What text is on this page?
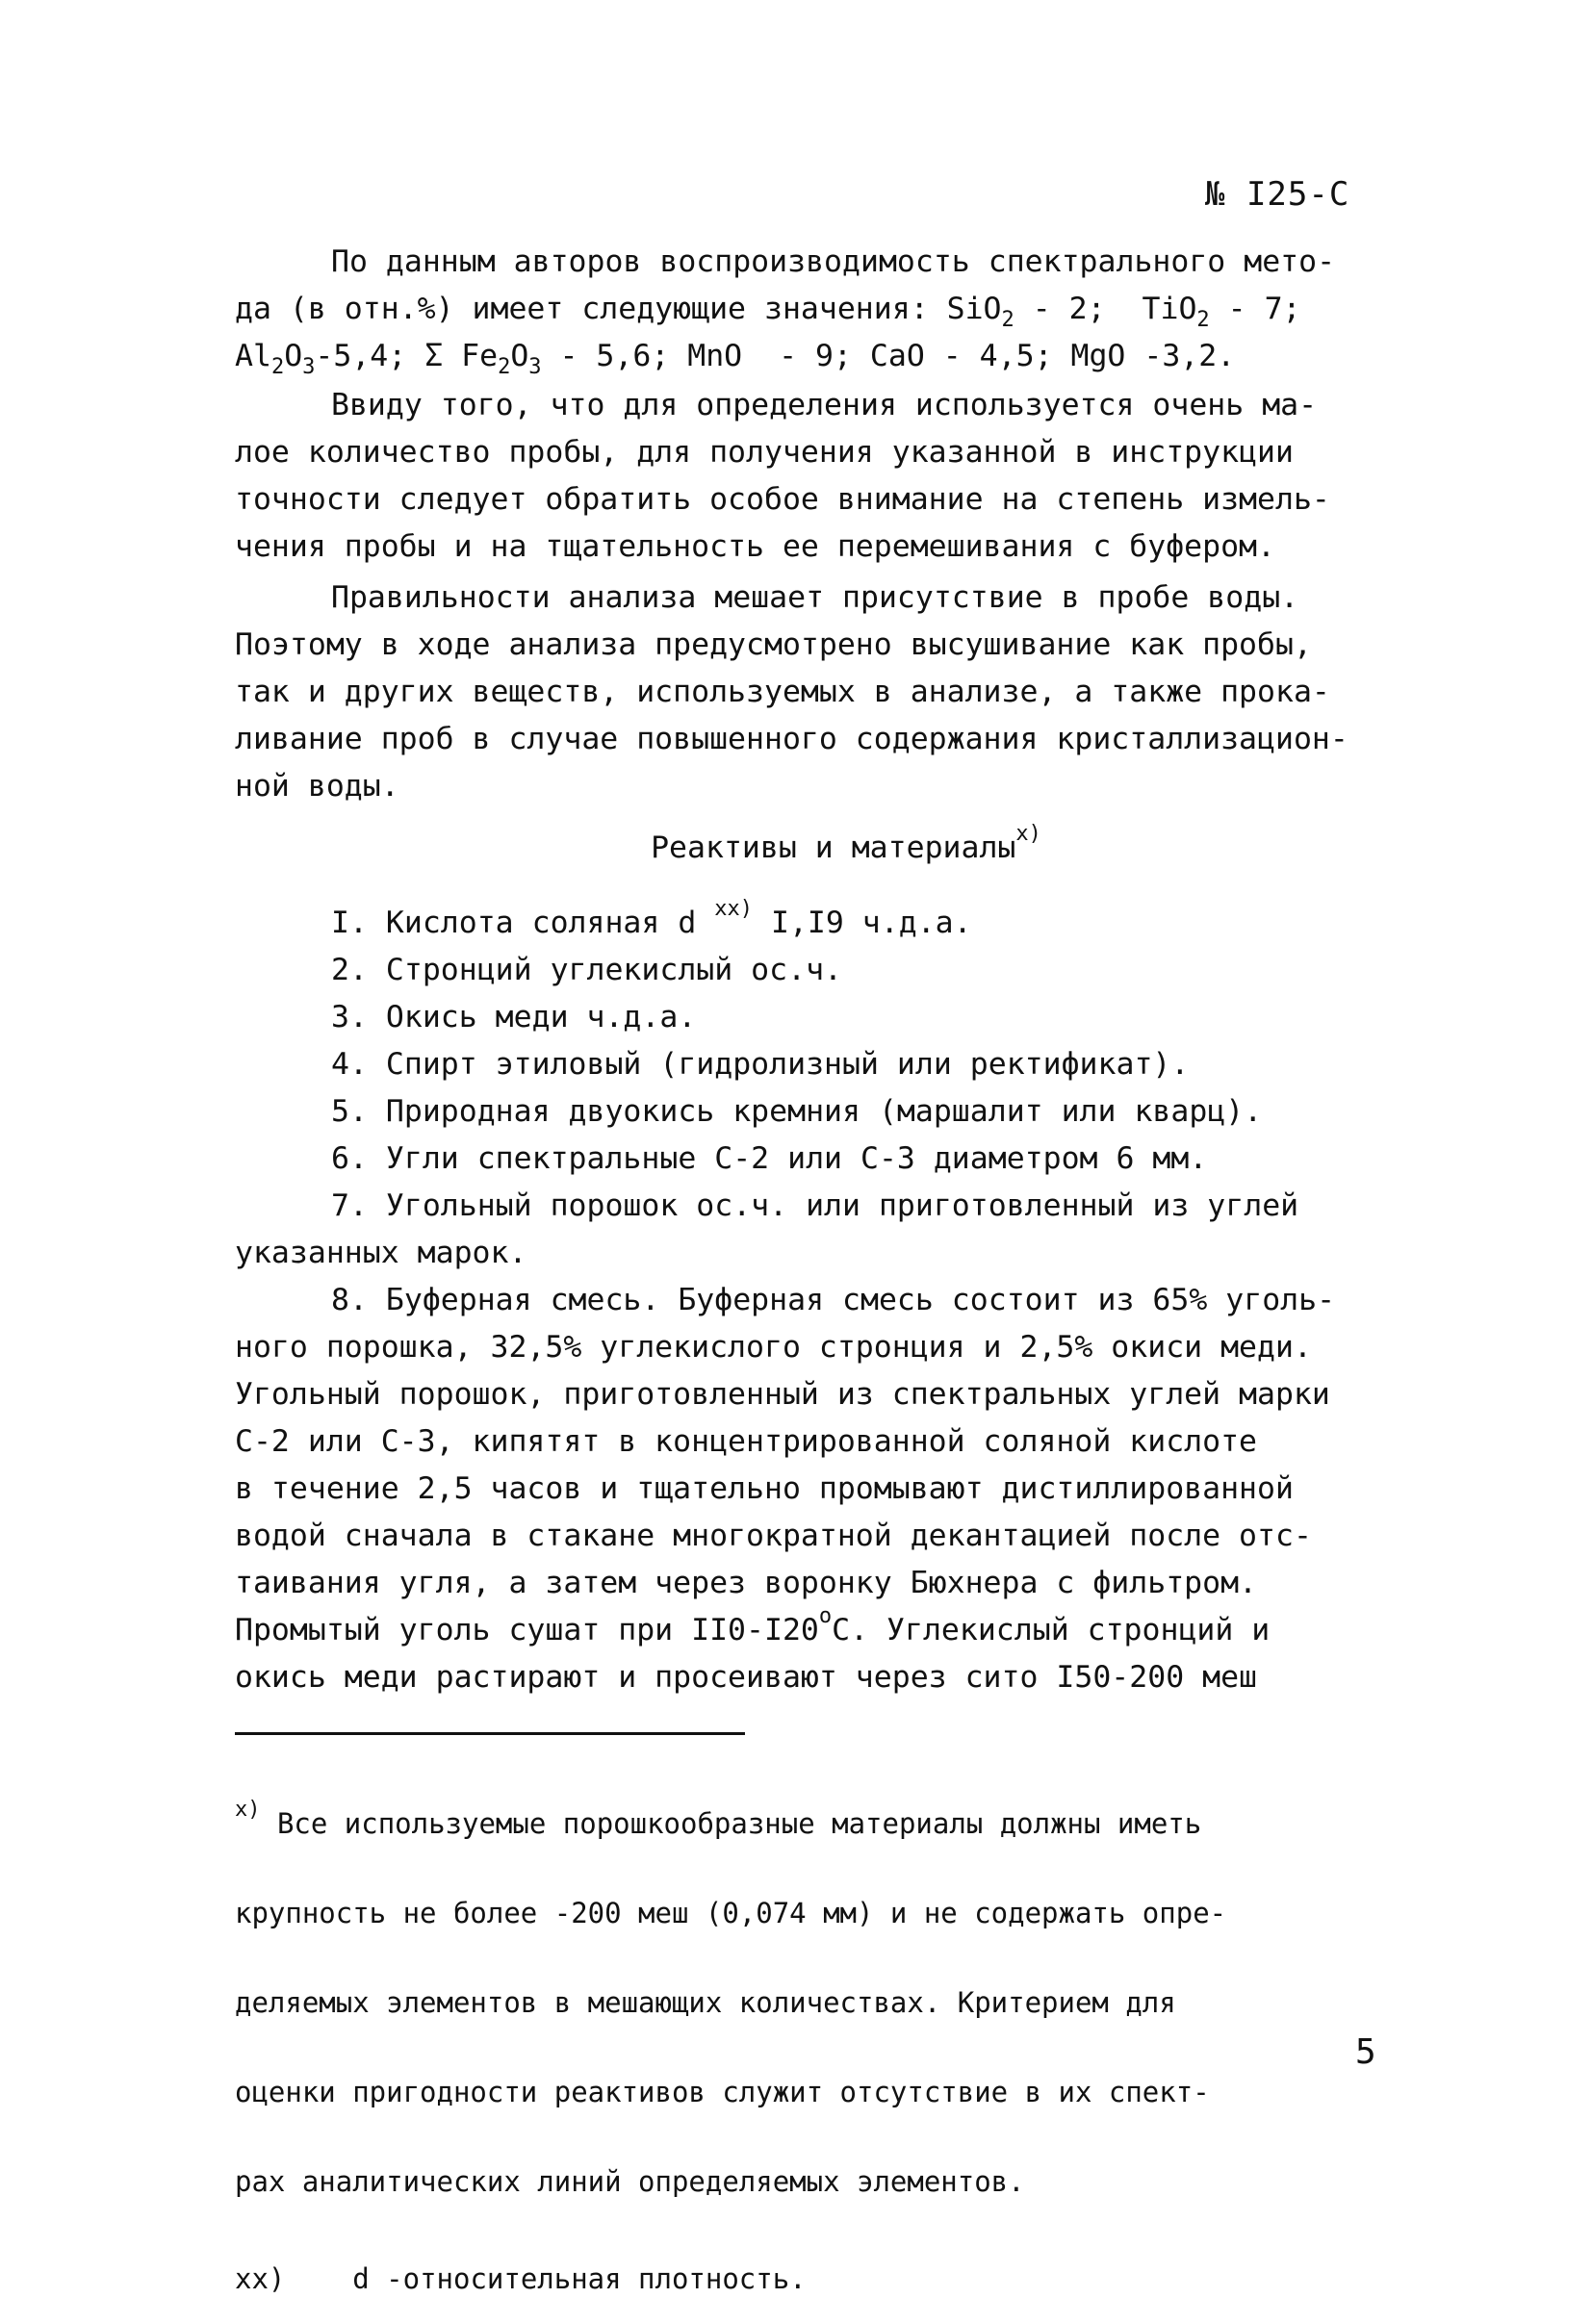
№ I25-С
По данным авторов воспроизводимость спектрального мето-
да (в отн.%) имеет следующие значения: SiO$_2$ - 2;  TiO$_2$ - 7;
$Al_2O_3-5,4$; Σ $Fe_2O_3 - 5,6$; MnO  - 9; CaO - 4,5; MgO -3,2.
Ввиду того, что для определения используется очень ма-
лое количество пробы, для получения указанной в инструкции
точности следует обратить особое внимание на степень измель-
чения пробы и на тщательность ее перемешивания с буфером.
Правильности анализа мешает присутствие в пробе воды.
Поэтому в ходе анализа предусмотрено высушивание как пробы,
так и других веществ, используемых в анализе, а также прока-
ливание проб в случае повышенного содержания кристаллизацион-
ной воды.
Реактивы и материалы$^{x)}$
I. Кислота соляная d $^{xx)}$ I,I9 ч.д.а.
2. Стронций углекислый ос.ч.
3. Окись меди ч.д.а.
4. Спирт этиловый (гидролизный или ректификат).
5. Природная двуокись кремния (маршалит или кварц).
6. Угли спектральные С-2 или С-3 диаметром 6 мм.
7. Угольный порошок ос.ч. или приготовленный из углей
указанных марок.
8. Буферная смесь. Буферная смесь состоит из 65% уголь-
ного порошка, 32,5% углекислого стронция и 2,5% окиси меди.
Угольный порошок, приготовленный из спектральных углей марки
С-2 или С-3, кипятят в концентрированной соляной кислоте
в течение 2,5 часов и тщательно промывают дистиллированной
водой сначала в стакане многократной декантацией после отс-
таивания угля, а затем через воронку Бюхнера с фильтром.
Промытый уголь сушат при II0-I20$^o$С. Углекислый стронций и
окись меди растирают и просеивают через сито I50-200 меш

$^{x)}$ Все используемые порошкообразные материалы должны иметь

крупность не более -200 меш (0,074 мм) и не содержать опре-

деляемых элементов в мешающих количествах. Критерием для

оценки пригодности реактивов служит отсутствие в их спект-

рах аналитических линий определяемых элементов.

xx)    d -относительная плотность.

5
